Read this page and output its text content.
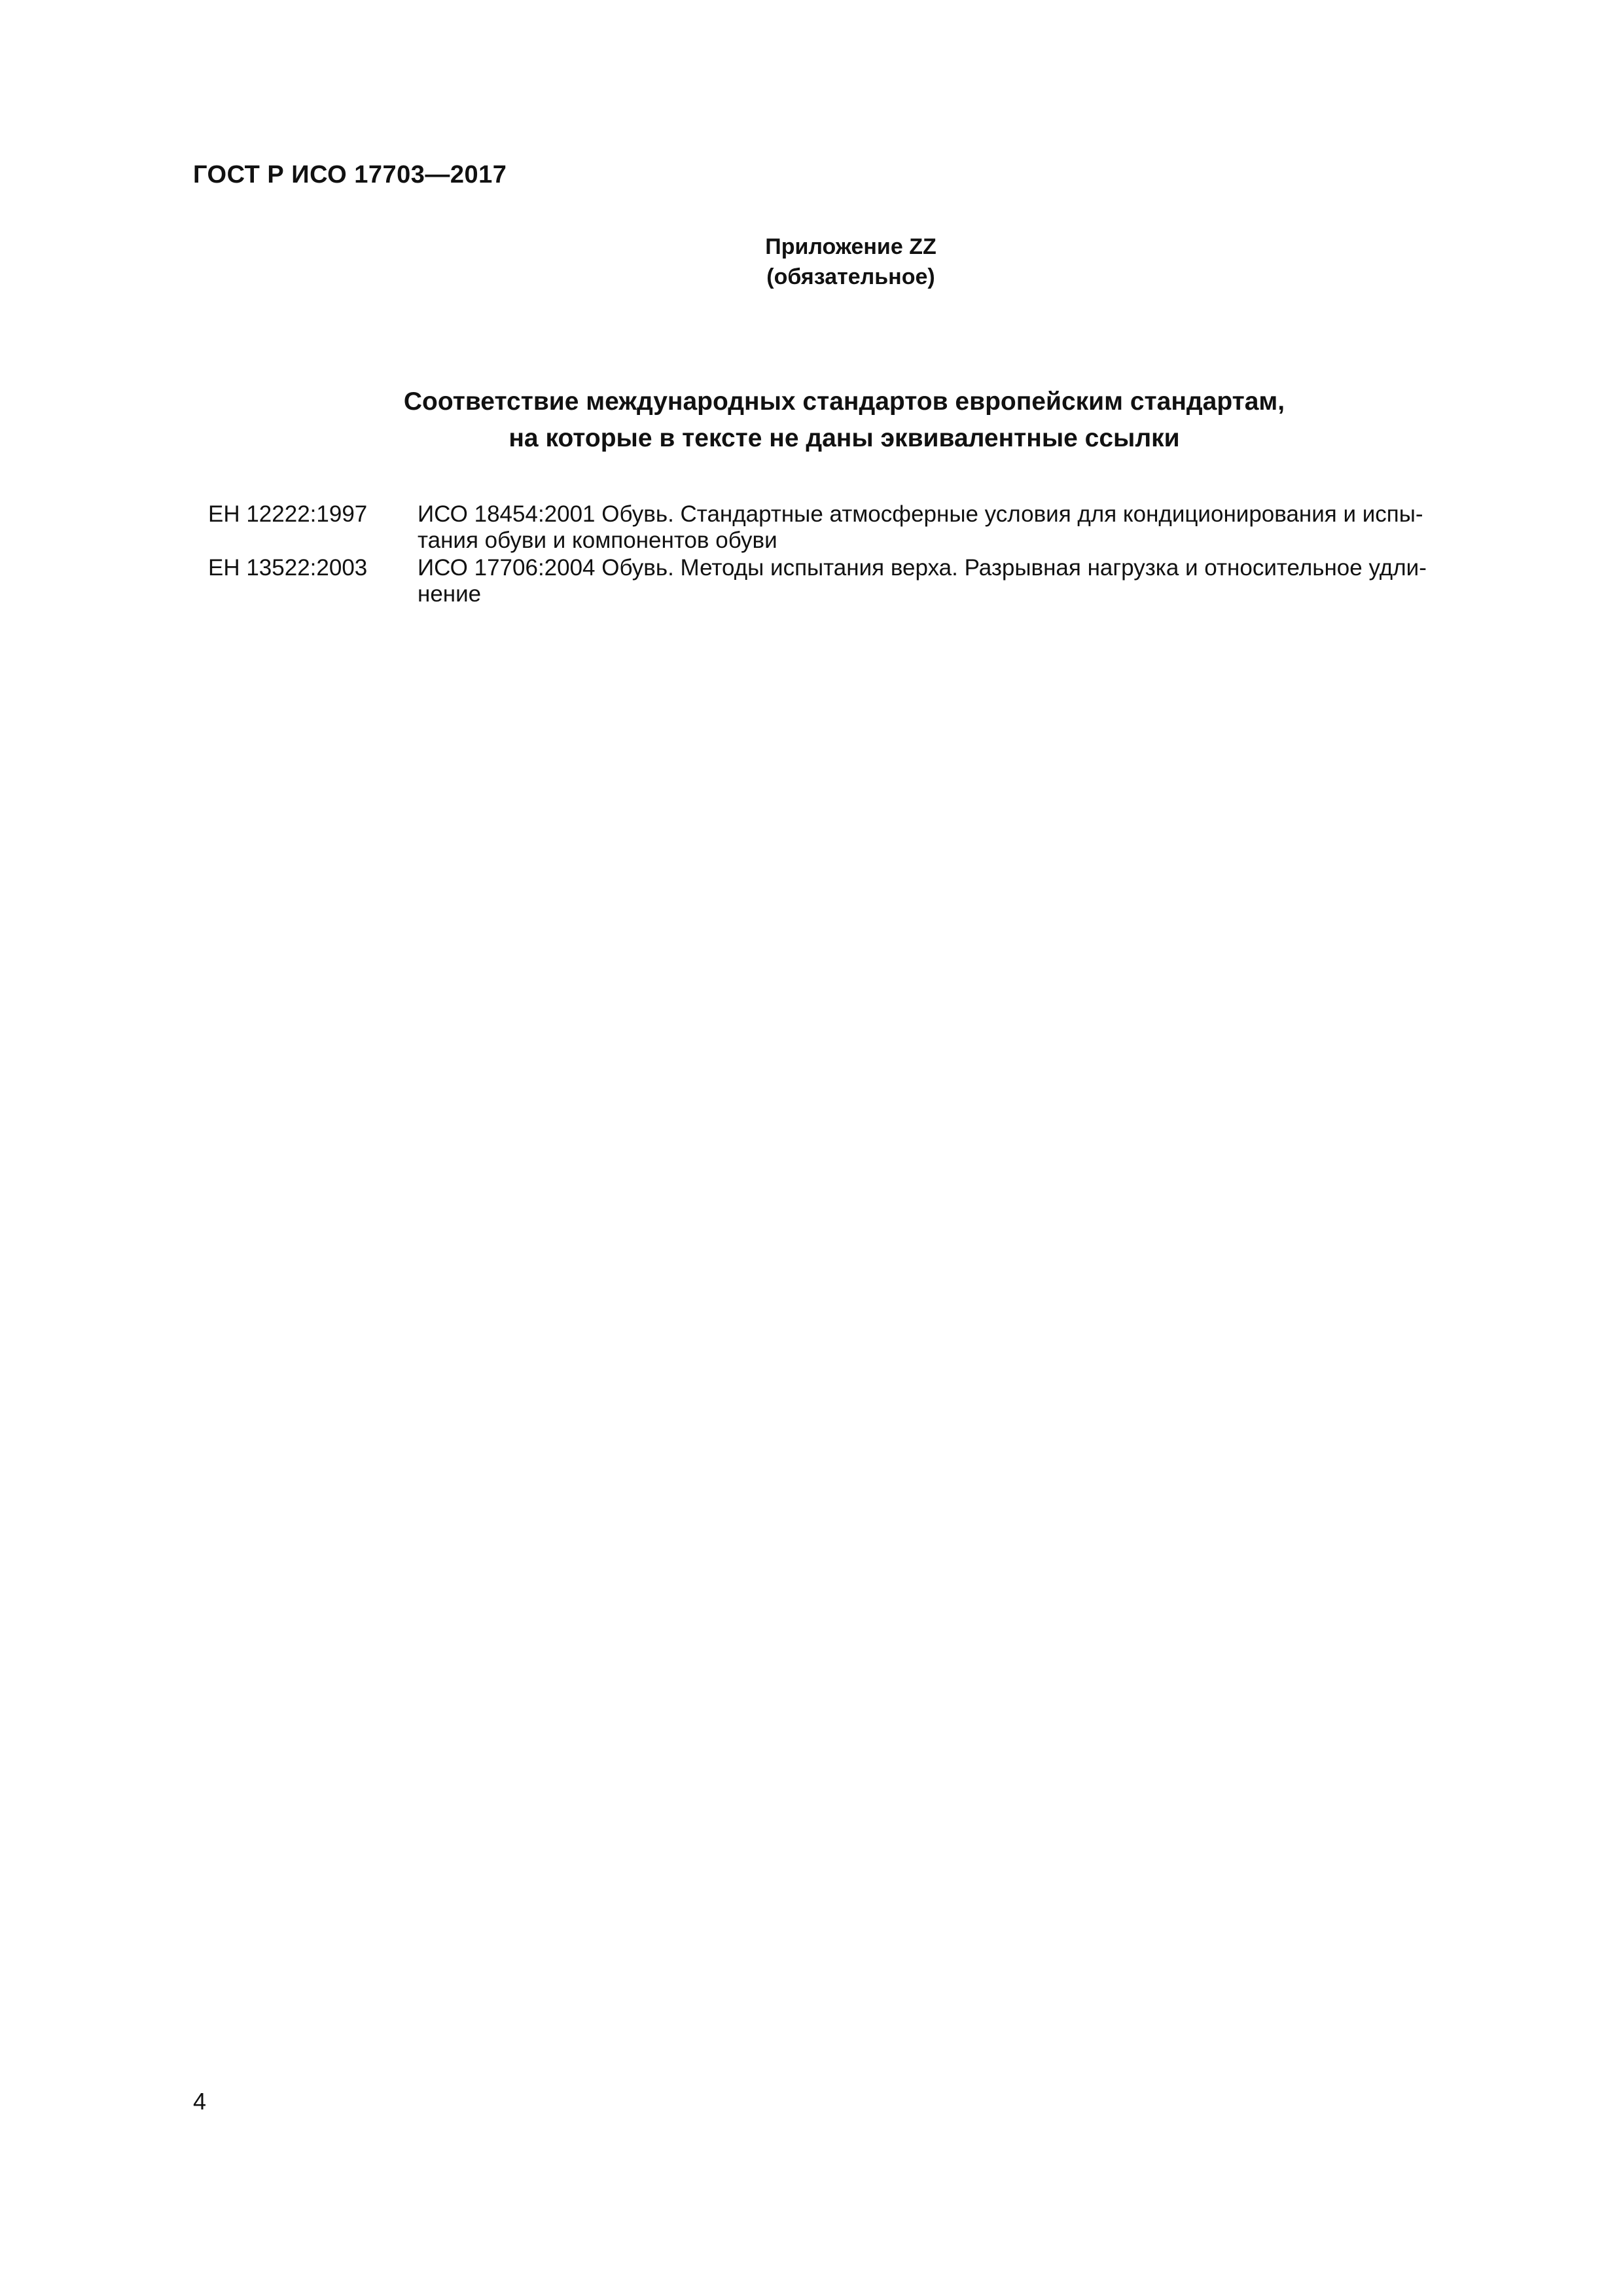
ГОСТ Р ИСО 17703—2017
Приложение ZZ
(обязательное)
Соответствие международных стандартов европейским стандартам,
на которые в тексте не даны эквивалентные ссылки
ЕН 12222:1997	ИСО 18454:2001 Обувь. Стандартные атмосферные условия для кондиционирования и испы-
тания обуви и компонентов обуви
ЕН 13522:2003	ИСО 17706:2004 Обувь. Методы испытания верха. Разрывная нагрузка и относительное удли-
нение
4
